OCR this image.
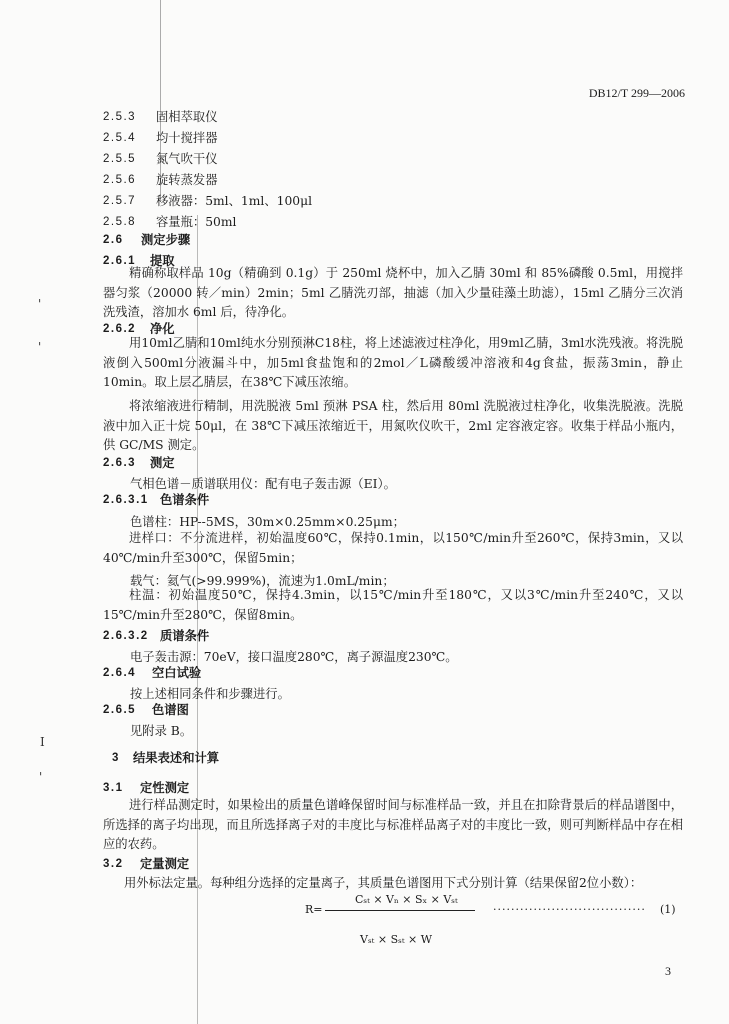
DB12/T 299—2006
'
'
I
'
2.5.3 固相萃取仪
2.5.4 均十搅拌器
2.5.5 氮气吹干仪
2.5.6 旋转蒸发器
2.5.7 移液器：5ml、1ml、100μl
2.5.8 容量瓶：50ml
2.6 测定步骤
2.6.1 提取
精确称取样品 10g（精确到 0.1g）于 250ml 烧杯中，加入乙腈 30ml 和 85%磷酸 0.5ml，用搅拌器匀浆（20000 转／min）2min；5ml 乙腈洗刃部，抽滤（加入少量硅藻土助滤），15ml 乙腈分三次消洗残渣，溶加水 6ml 后，待净化。
2.6.2 净化
用10ml乙腈和10ml纯水分别预淋C18柱，将上述滤液过柱净化，用9ml乙腈，3ml水洗残液。将洗脱液倒入500ml分液漏斗中，加5ml食盐饱和的2mol／L磷酸缓冲溶液和4g食盐，振荡3min，静止10min。取上层乙腈层，在38℃下减压浓缩。
将浓缩液进行精制，用洗脱液 5ml 预淋 PSA 柱，然后用 80ml 洗脱液过柱净化，收集洗脱液。洗脱液中加入正十烷 50μl，在 38℃下减压浓缩近干，用氮吹仪吹干，2ml 定容液定容。收集于样品小瓶内，供 GC/MS 测定。
2.6.3 测定
气相色谱－质谱联用仪：配有电子轰击源（EI）。
2.6.3.1 色谱条件
色谱柱：HP--5MS，30m×0.25mm×0.25μm；
进样口：不分流进样，初始温度60℃，保持0.1min，以150℃/min升至260℃，保持3min，又以40℃/min升至300℃，保留5min；
载气：氦气(>99.999%)，流速为1.0mL/min；
柱温：初始温度50℃，保持4.3min，以15℃/min升至180℃，又以3℃/min升至240℃，又以15℃/min升至280℃，保留8min。
2.6.3.2 质谱条件
电子轰击源：70eV，接口温度280℃，离子源温度230℃。
2.6.4 空白试验
按上述相同条件和步骤进行。
2.6.5 色谱图
见附录 B。
3 结果表述和计算
3.1 定性测定
进行样品测定时，如果检出的质量色谱峰保留时间与标准样品一致，并且在扣除背景后的样品谱图中，所选择的离子均出现，而且所选择离子对的丰度比与标准样品离子对的丰度比一致，则可判断样品中存在相应的农药。
3.2 定量测定
用外标法定量。每种组分选择的定量离子，其质量色谱图用下式分别计算（结果保留2位小数）：
Cₛₜ × Vₙ × Sₓ × Vₛₜ
R=
Vₛₜ × Sₛₜ × W
·································· (1)
3
